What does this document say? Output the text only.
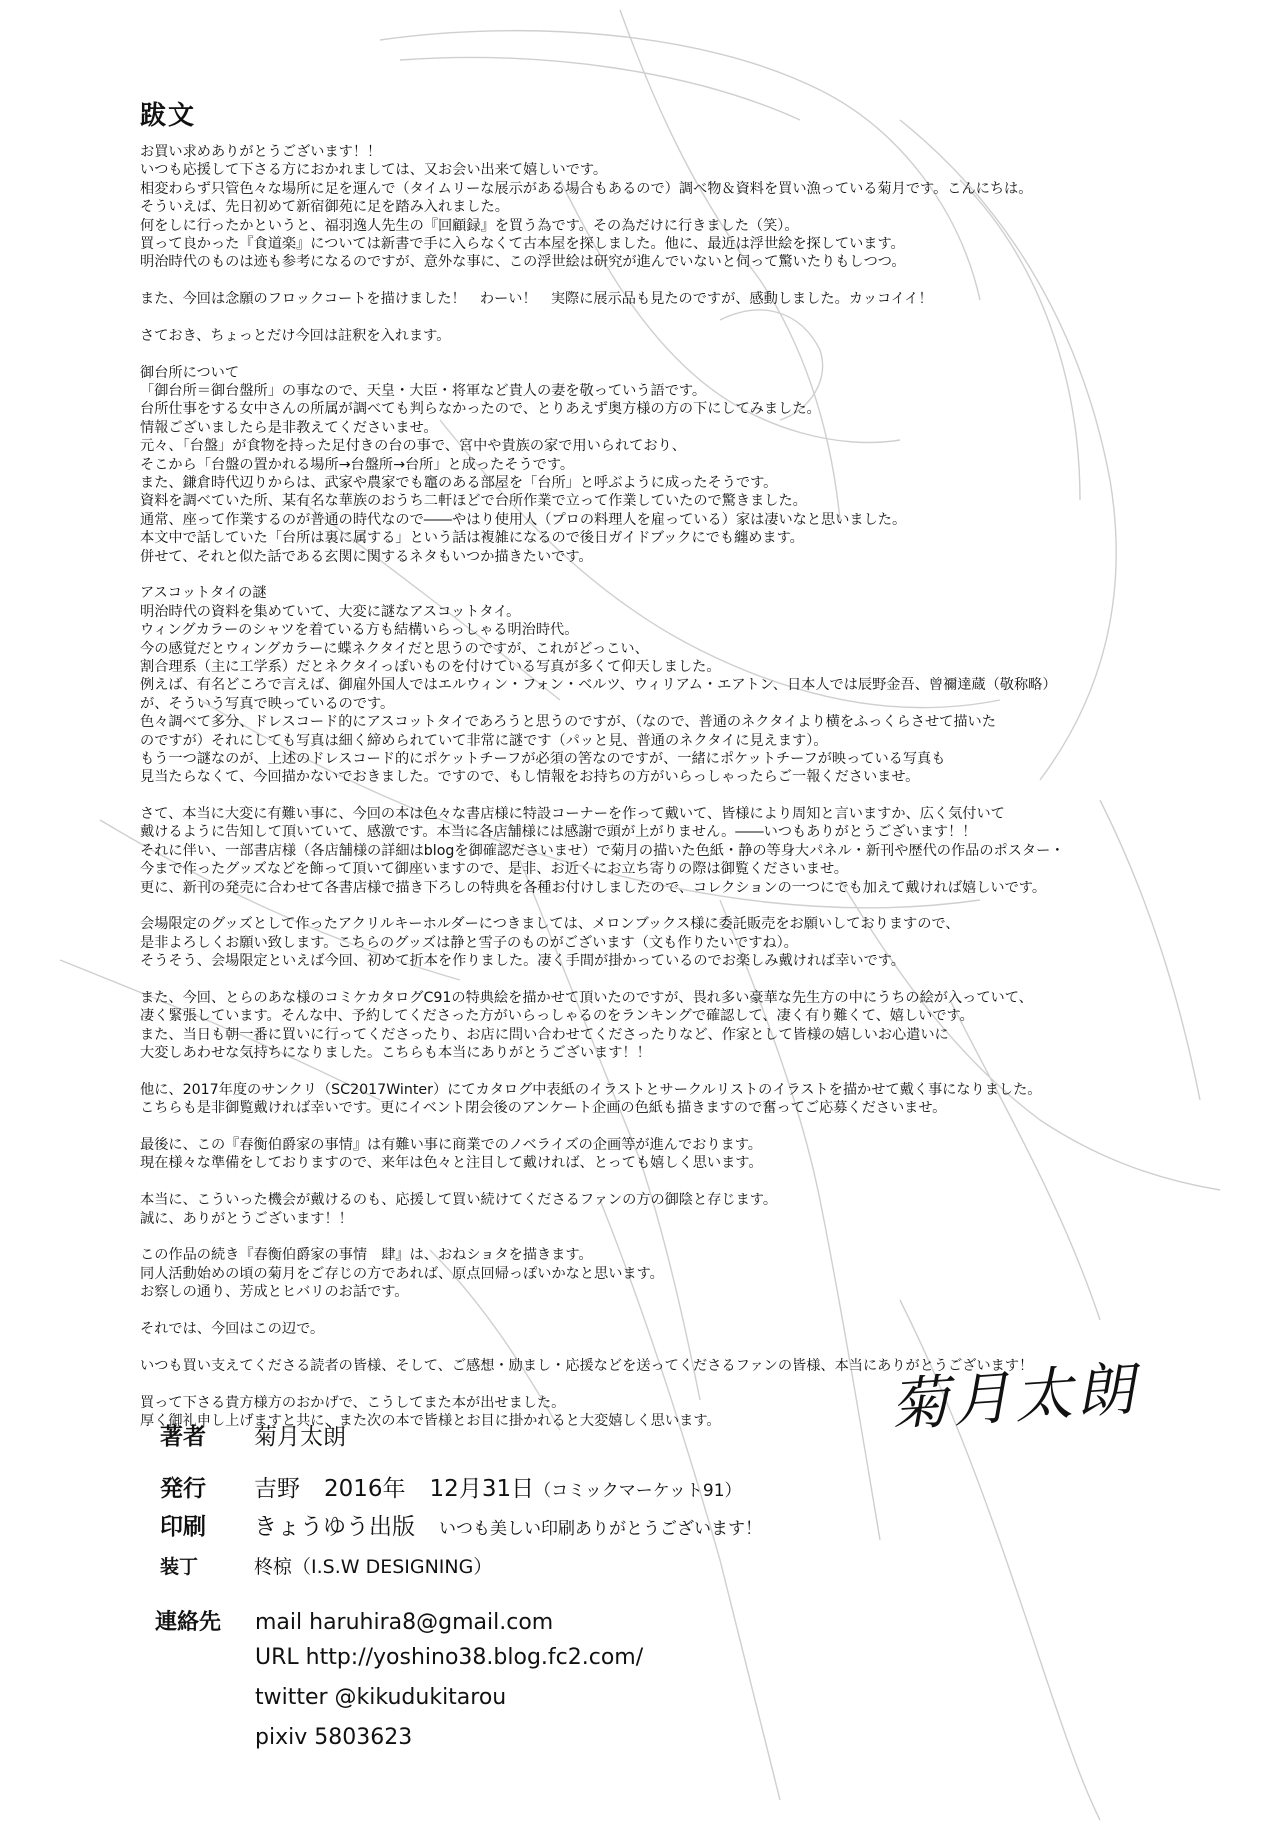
跋文
お買い求めありがとうございます！！
いつも応援して下さる方におかれましては、又お会い出来て嬉しいです。
相変わらず只管色々な場所に足を運んで（タイムリーな展示がある場合もあるので）調べ物＆資料を買い漁っている菊月です。こんにちは。
そういえば、先日初めて新宿御苑に足を踏み入れました。
何をしに行ったかというと、福羽逸人先生の『回顧録』を買う為です。その為だけに行きました（笑）。
買って良かった『食道楽』については新書で手に入らなくて古本屋を探しました。他に、最近は浮世絵を探しています。
明治時代のものは迹も参考になるのですが、意外な事に、この浮世絵は研究が進んでいないと伺って驚いたりもしつつ。
また、今回は念願のフロックコートを描けました！　わーい！　実際に展示品も見たのですが、感動しました。カッコイイ！
さておき、ちょっとだけ今回は註釈を入れます。
御台所について
「御台所＝御台盤所」の事なので、天皇・大臣・将軍など貴人の妻を敬っていう語です。
台所仕事をする女中さんの所属が調べても判らなかったので、とりあえず奥方様の方の下にしてみました。
情報ございましたら是非教えてくださいませ。
元々、「台盤」が食物を持った足付きの台の事で、宮中や貴族の家で用いられており、
そこから「台盤の置かれる場所→台盤所→台所」と成ったそうです。
また、鎌倉時代辺りからは、武家や農家でも竈のある部屋を「台所」と呼ぶように成ったそうです。
資料を調べていた所、某有名な華族のおうち二軒ほどで台所作業で立って作業していたので驚きました。
通常、座って作業するのが普通の時代なので――やはり使用人（プロの料理人を雇っている）家は凄いなと思いました。
本文中で話していた「台所は裏に属する」という話は複雑になるので後日ガイドブックにでも纏めます。
併せて、それと似た話である玄関に関するネタもいつか描きたいです。
アスコットタイの謎
明治時代の資料を集めていて、大変に謎なアスコットタイ。
ウィングカラーのシャツを着ている方も結構いらっしゃる明治時代。
今の感覚だとウィングカラーに蝶ネクタイだと思うのですが、これがどっこい、
割合理系（主に工学系）だとネクタイっぽいものを付けている写真が多くて仰天しました。
例えば、有名どころで言えば、御雇外国人ではエルウィン・フォン・ベルツ、ウィリアム・エアトン、日本人では辰野金吾、曾禰達蔵（敬称略）
が、そういう写真で映っているのです。
色々調べて多分、ドレスコード的にアスコットタイであろうと思うのですが、（なので、普通のネクタイより横をふっくらさせて描いた
のですが）それにしても写真は細く締められていて非常に謎です（パッと見、普通のネクタイに見えます）。
もう一つ謎なのが、上述のドレスコード的にポケットチーフが必須の筈なのですが、一緒にポケットチーフが映っている写真も
見当たらなくて、今回描かないでおきました。ですので、もし情報をお持ちの方がいらっしゃったらご一報くださいませ。
さて、本当に大変に有難い事に、今回の本は色々な書店様に特設コーナーを作って戴いて、皆様により周知と言いますか、広く気付いて
戴けるように告知して頂いていて、感激です。本当に各店舗様には感謝で頭が上がりません。――いつもありがとうございます！！
それに伴い、一部書店様（各店舗様の詳細はblogを御確認ださいませ）で菊月の描いた色紙・静の等身大パネル・新刊や歴代の作品のポスター・
今まで作ったグッズなどを飾って頂いて御座いますので、是非、お近くにお立ち寄りの際は御覧くださいませ。
更に、新刊の発売に合わせて各書店様で描き下ろしの特典を各種お付けしましたので、コレクションの一つにでも加えて戴ければ嬉しいです。
会場限定のグッズとして作ったアクリルキーホルダーにつきましては、メロンブックス様に委託販売をお願いしておりますので、
是非よろしくお願い致します。こちらのグッズは静と雪子のものがございます（文も作りたいですね）。
そうそう、会場限定といえば今回、初めて折本を作りました。凄く手間が掛かっているのでお楽しみ戴ければ幸いです。
また、今回、とらのあな様のコミケカタログC91の特典絵を描かせて頂いたのですが、畏れ多い豪華な先生方の中にうちの絵が入っていて、
凄く緊張しています。そんな中、予約してくださった方がいらっしゃるのをランキングで確認して、凄く有り難くて、嬉しいです。
また、当日も朝一番に買いに行ってくださったり、お店に問い合わせてくださったりなど、作家として皆様の嬉しいお心遣いに
大変しあわせな気持ちになりました。こちらも本当にありがとうございます！！
他に、2017年度のサンクリ（SC2017Winter）にてカタログ中表紙のイラストとサークルリストのイラストを描かせて戴く事になりました。
こちらも是非御覧戴ければ幸いです。更にイベント閉会後のアンケート企画の色紙も描きますので奮ってご応募くださいませ。
最後に、この『春衡伯爵家の事情』は有難い事に商業でのノベライズの企画等が進んでおります。
現在様々な準備をしておりますので、来年は色々と注目して戴ければ、とっても嬉しく思います。
本当に、こういった機会が戴けるのも、応援して買い続けてくださるファンの方の御陰と存じます。
誠に、ありがとうございます！！
この作品の続き『春衡伯爵家の事情　肆』は、おねショタを描きます。
同人活動始めの頃の菊月をご存じの方であれば、原点回帰っぽいかなと思います。
お察しの通り、芳成とヒバリのお話です。
それでは、今回はこの辺で。
いつも買い支えてくださる読者の皆様、そして、ご感想・励まし・応援などを送ってくださるファンの皆様、本当にありがとうございます！
買って下さる貴方様方のおかげで、こうしてまた本が出せました。
厚く御礼申し上げますと共に、また次の本で皆様とお目に掛かれると大変嬉しく思います。
著者 菊月太朗
発行 吉野 2016年 12月31日（コミックマーケット91）
印刷 きょうゆう出版 いつも美しい印刷ありがとうございます！
装丁	柊椋（I.S.W DESIGNING）
連絡先 mail haruhira8@gmail.com
URL http://yoshino38.blog.fc2.com/
twitter @kikudukitarou
pixiv 5803623
菊月太朗
